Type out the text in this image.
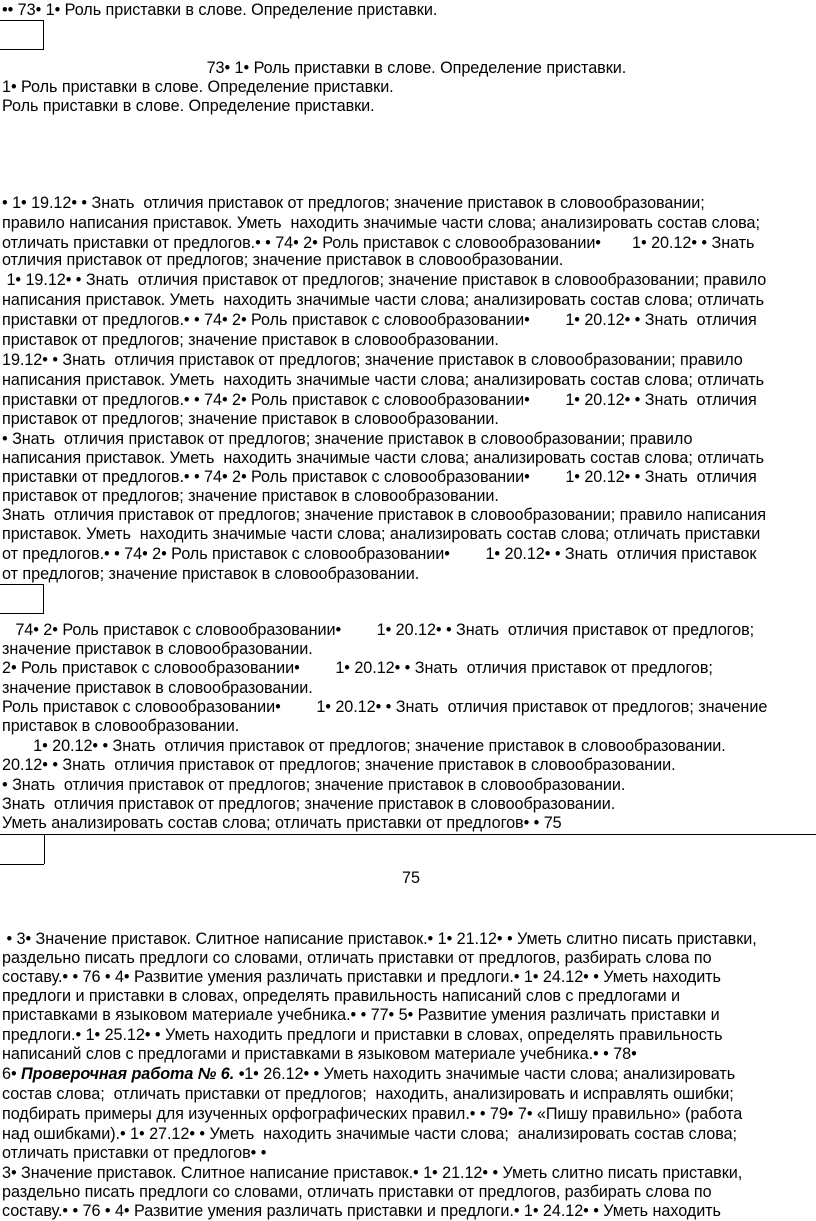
•• 73• 1• Роль приставки в слове. Определение приставки.
73• 1• Роль приставки в слове. Определение приставки.
1• Роль приставки в слове. Определение приставки.
Роль приставки в слове. Определение приставки.
• 1• 19.12• • Знать  отличия приставок от предлогов; значение приставок в словообразовании;
правило написания приставок. Уметь  находить значимые части слова; анализировать состав слова;
отличать приставки от предлогов.• • 74• 2• Роль приставок с словообразовании•       1• 20.12• • Знать
отличия приставок от предлогов; значение приставок в словообразовании.
1• 19.12• • Знать  отличия приставок от предлогов; значение приставок в словообразовании; правило
написания приставок. Уметь  находить значимые части слова; анализировать состав слова; отличать
приставки от предлогов.• • 74• 2• Роль приставок с словообразовании•        1• 20.12• • Знать  отличия
приставок от предлогов; значение приставок в словообразовании.
19.12• • Знать  отличия приставок от предлогов; значение приставок в словообразовании; правило
написания приставок. Уметь  находить значимые части слова; анализировать состав слова; отличать
приставки от предлогов.• • 74• 2• Роль приставок с словообразовании•        1• 20.12• • Знать  отличия
приставок от предлогов; значение приставок в словообразовании.
• Знать  отличия приставок от предлогов; значение приставок в словообразовании; правило
написания приставок. Уметь  находить значимые части слова; анализировать состав слова; отличать
приставки от предлогов.• • 74• 2• Роль приставок с словообразовании•        1• 20.12• • Знать  отличия
приставок от предлогов; значение приставок в словообразовании.
Знать  отличия приставок от предлогов; значение приставок в словообразовании; правило написания
приставок. Уметь  находить значимые части слова; анализировать состав слова; отличать приставки
от предлогов.• • 74• 2• Роль приставок с словообразовании•        1• 20.12• • Знать  отличия приставок
от предлогов; значение приставок в словообразовании.
74• 2• Роль приставок с словообразовании•        1• 20.12• • Знать  отличия приставок от предлогов;
значение приставок в словообразовании.
2• Роль приставок с словообразовании•        1• 20.12• • Знать  отличия приставок от предлогов;
значение приставок в словообразовании.
Роль приставок с словообразовании•        1• 20.12• • Знать  отличия приставок от предлогов; значение
приставок в словообразовании.
1• 20.12• • Знать  отличия приставок от предлогов; значение приставок в словообразовании.
20.12• • Знать  отличия приставок от предлогов; значение приставок в словообразовании.
• Знать  отличия приставок от предлогов; значение приставок в словообразовании.
Знать  отличия приставок от предлогов; значение приставок в словообразовании.
Уметь анализировать состав слова; отличать приставки от предлогов• • 75
75
• 3• Значение приставок. Слитное написание приставок.• 1• 21.12• • Уметь слитно писать приставки,
раздельно писать предлоги со словами, отличать приставки от предлогов, разбирать слова по
составу.• • 76 • 4• Развитие умения различать приставки и предлоги.• 1• 24.12• • Уметь находить
предлоги и приставки в словах, определять правильность написаний слов с предлогами и
приставками в языковом материале учебника.• • 77• 5• Развитие умения различать приставки и
предлоги.• 1• 25.12• • Уметь находить предлоги и приставки в словах, определять правильность
написаний слов с предлогами и приставками в языковом материале учебника.• • 78•
6• Проверочная работа № 6. •1• 26.12• • Уметь находить значимые части слова; анализировать
состав слова;  отличать приставки от предлогов;  находить, анализировать и исправлять ошибки;
подбирать примеры для изученных орфографических правил.• • 79• 7• «Пишу правильно» (работа
над ошибками).• 1• 27.12• • Уметь  находить значимые части слова;  анализировать состав слова;
отличать приставки от предлогов• •
3• Значение приставок. Слитное написание приставок.• 1• 21.12• • Уметь слитно писать приставки,
раздельно писать предлоги со словами, отличать приставки от предлогов, разбирать слова по
составу.• • 76 • 4• Развитие умения различать приставки и предлоги.• 1• 24.12• • Уметь находить
